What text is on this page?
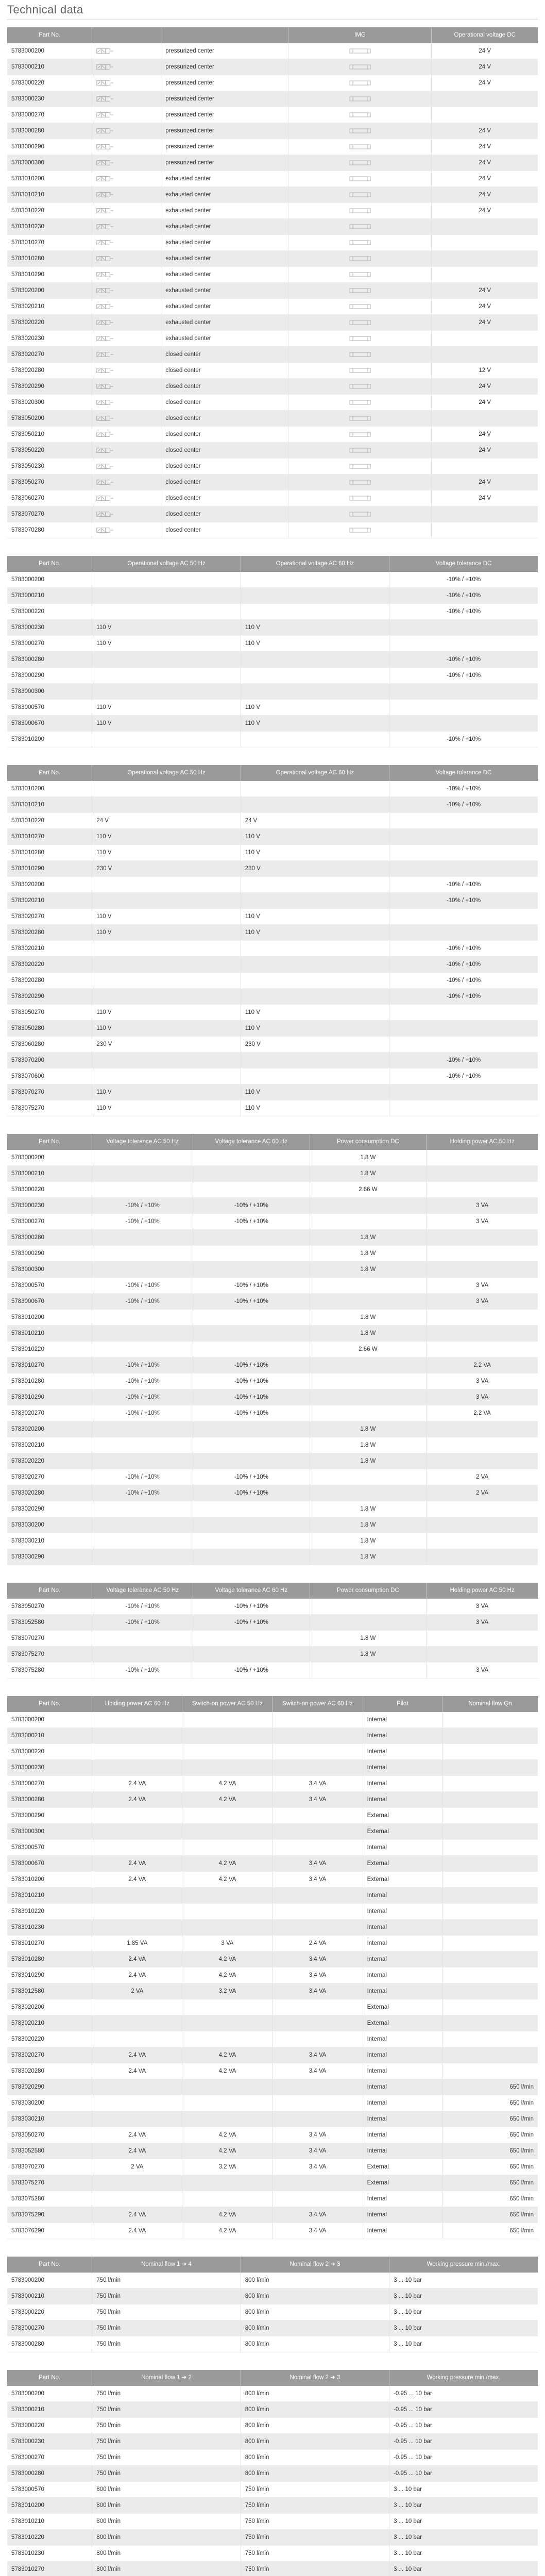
Technical data
Part No.			IMG	Operational voltage DC
5783000200		pressurized center		24 V
5783000210		pressurized center		24 V
5783000220		pressurized center		24 V
5783000230		pressurized center		
5783000270		pressurized center		
5783000280		pressurized center		24 V
5783000290		pressurized center		24 V
5783000300		pressurized center		24 V
5783010200		exhausted center		24 V
5783010210		exhausted center		24 V
5783010220		exhausted center		24 V
5783010230		exhausted center		
5783010270		exhausted center		
5783010280		exhausted center		
5783010290		exhausted center		
5783020200		exhausted center		24 V
5783020210		exhausted center		24 V
5783020220		exhausted center		24 V
5783020230		exhausted center		
5783020270		closed center		
5783020280		closed center		12 V
5783020290		closed center		24 V
5783020300		closed center		24 V
5783050200		closed center		
5783050210		closed center		24 V
5783050220		closed center		24 V
5783050230		closed center		
5783050270		closed center		24 V
5783060270		closed center		24 V
5783070270		closed center		
5783070280		closed center		
Part No.	Operational voltage AC 50 Hz	Operational voltage AC 60 Hz	Voltage tolerance DC
5783000200			-10% / +10%
5783000210			-10% / +10%
5783000220			-10% / +10%
5783000230	110 V	110 V	
5783000270	110 V	110 V	
5783000280			-10% / +10%
5783000290			-10% / +10%
5783000300			
5783000570	110 V	110 V	
5783000670	110 V	110 V	
5783010200			-10% / +10%
Part No.	Operational voltage AC 50 Hz	Operational voltage AC 60 Hz	Voltage tolerance DC
5783010200			-10% / +10%
5783010210			-10% / +10%
5783010220	24 V	24 V	
5783010270	110 V	110 V	
5783010280	110 V	110 V	
5783010290	230 V	230 V	
5783020200			-10% / +10%
5783020210			-10% / +10%
5783020270	110 V	110 V	
5783020280	110 V	110 V	
5783020210			-10% / +10%
5783020220			-10% / +10%
5783020280			-10% / +10%
5783020290			-10% / +10%
5783050270	110 V	110 V	
5783050280	110 V	110 V	
5783060280	230 V	230 V	
5783070200			-10% / +10%
5783070600			-10% / +10%
5783070270	110 V	110 V	
5783075270	110 V	110 V	
Part No.	Voltage tolerance AC 50 Hz	Voltage tolerance AC 60 Hz	Power consumption DC	Holding power AC 50 Hz
5783000200			1.8 W	
5783000210			1.8 W	
5783000220			2.66 W	
5783000230	-10% / +10%	-10% / +10%		3 VA
5783000270	-10% / +10%	-10% / +10%		3 VA
5783000280			1.8 W	
5783000290			1.8 W	
5783000300			1.8 W	
5783000570	-10% / +10%	-10% / +10%		3 VA
5783000670	-10% / +10%	-10% / +10%		3 VA
5783010200			1.8 W	
5783010210			1.8 W	
5783010220			2.66 W	
5783010270	-10% / +10%	-10% / +10%		2.2 VA
5783010280	-10% / +10%	-10% / +10%		3 VA
5783010290	-10% / +10%	-10% / +10%		3 VA
5783020270	-10% / +10%	-10% / +10%		2.2 VA
5783020200			1.8 W	
5783020210			1.8 W	
5783020220			1.8 W	
5783020270	-10% / +10%	-10% / +10%		2 VA
5783020280	-10% / +10%	-10% / +10%		2 VA
5783020290			1.8 W	
5783030200			1.8 W	
5783030210			1.8 W	
5783030290			1.8 W	
Part No.	Voltage tolerance AC 50 Hz	Voltage tolerance AC 60 Hz	Power consumption DC	Holding power AC 50 Hz
5783050270	-10% / +10%	-10% / +10%		3 VA
5783052580	-10% / +10%	-10% / +10%		3 VA
5783070270			1.8 W	
5783075270			1.8 W	
5783075280	-10% / +10%	-10% / +10%		3 VA
Part No.	Holding power AC 60 Hz	Switch-on power AC 50 Hz	Switch-on power AC 60 Hz	Pilot	Nominal flow Qn
5783000200				Internal	
5783000210				Internal	
5783000220				Internal	
5783000230				Internal	
5783000270	2.4 VA	4.2 VA	3.4 VA	Internal	
5783000280	2.4 VA	4.2 VA	3.4 VA	Internal	
5783000290				External	
5783000300				External	
5783000570				Internal	
5783000670	2.4 VA	4.2 VA	3.4 VA	External	
5783010200	2.4 VA	4.2 VA	3.4 VA	External	
5783010210				Internal	
5783010220				Internal	
5783010230				Internal	
5783010270	1.85 VA	3 VA	2.4 VA	Internal	
5783010280	2.4 VA	4.2 VA	3.4 VA	Internal	
5783010290	2.4 VA	4.2 VA	3.4 VA	Internal	
5783012580	2 VA	3.2 VA	3.4 VA	Internal	
5783020200				External	
5783020210				External	
5783020220				Internal	
5783020270	2.4 VA	4.2 VA	3.4 VA	Internal	
5783020280	2.4 VA	4.2 VA	3.4 VA	Internal	
5783020290				Internal	650 l/min
5783030200				Internal	650 l/min
5783030210				Internal	650 l/min
5783050270	2.4 VA	4.2 VA	3.4 VA	Internal	650 l/min
5783052580	2.4 VA	4.2 VA	3.4 VA	Internal	650 l/min
5783070270	2 VA	3.2 VA	3.4 VA	External	650 l/min
5783075270				External	650 l/min
5783075280				Internal	650 l/min
5783075290	2.4 VA	4.2 VA	3.4 VA	Internal	650 l/min
5783076290	2.4 VA	4.2 VA	3.4 VA	Internal	650 l/min
Part No.	Nominal flow 1 ➜ 4	Nominal flow 2 ➜ 3	Working pressure min./max.
5783000200	750 l/min	800 l/min	3 ... 10 bar
5783000210	750 l/min	800 l/min	3 ... 10 bar
5783000220	750 l/min	800 l/min	3 ... 10 bar
5783000270	750 l/min	800 l/min	3 ... 10 bar
5783000280	750 l/min	800 l/min	3 ... 10 bar
Part No.	Nominal flow 1 ➜ 2	Nominal flow 2 ➜ 3	Working pressure min./max.
5783000200	750 l/min	800 l/min	-0.95 ... 10 bar
5783000210	750 l/min	800 l/min	-0.95 ... 10 bar
5783000220	750 l/min	800 l/min	-0.95 ... 10 bar
5783000230	750 l/min	800 l/min	-0.95 ... 10 bar
5783000270	750 l/min	800 l/min	-0.95 ... 10 bar
5783000280	750 l/min	800 l/min	-0.95 ... 10 bar
5783000570	800 l/min	750 l/min	3 ... 10 bar
5783010200	800 l/min	750 l/min	3 ... 10 bar
5783010210	800 l/min	750 l/min	3 ... 10 bar
5783010220	800 l/min	750 l/min	3 ... 10 bar
5783010230	800 l/min	750 l/min	3 ... 10 bar
5783010270	800 l/min	750 l/min	3 ... 10 bar
